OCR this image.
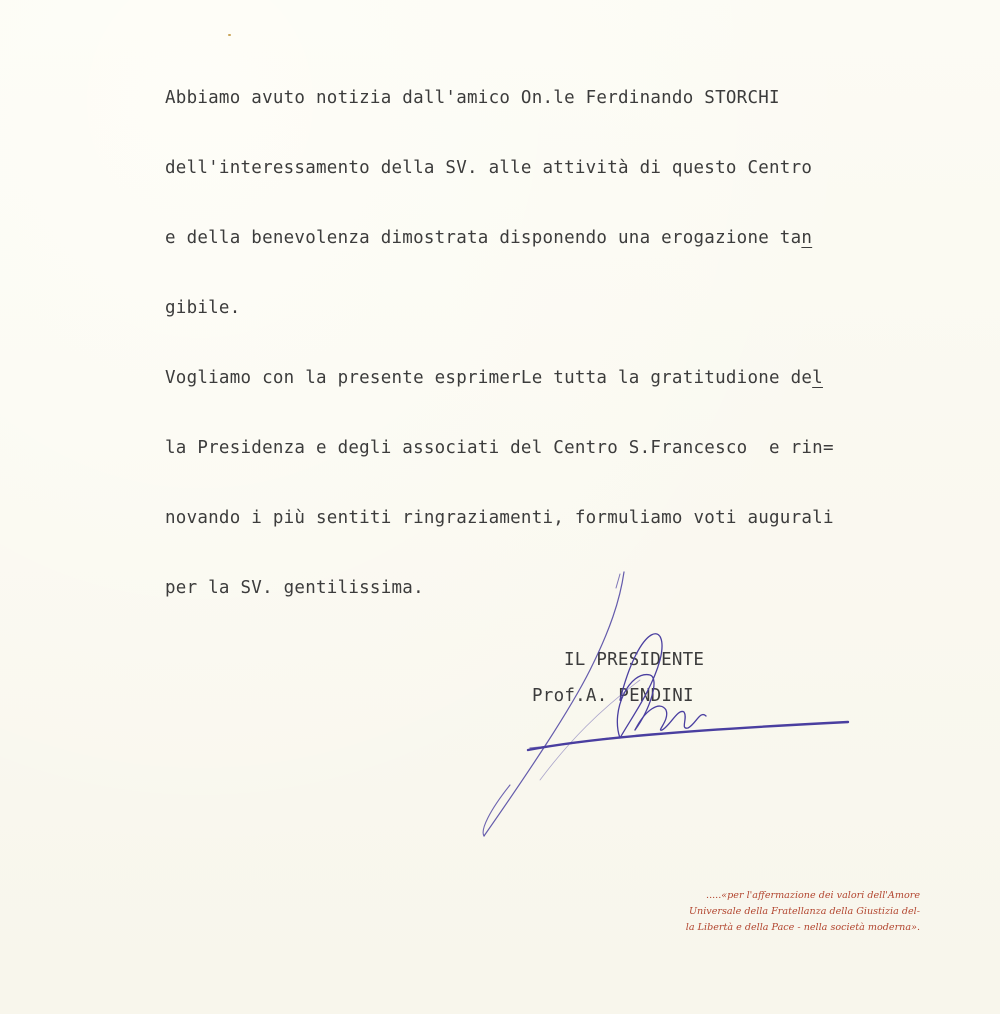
Abbiamo avuto notizia dall'amico On.le Ferdinando STORCHI
dell'interessamento della SV. alle attività di questo Centro
e della benevolenza dimostrata disponendo una erogazione tan
gibile.
Vogliamo con la presente esprimerLe tutta la gratitudione del
la Presidenza e degli associati del Centro S.Francesco  e rin=
novando i più sentiti ringraziamenti, formuliamo voti augurali
per la SV. gentilissima.
IL PRESIDENTE
Prof.A. PENDINI
.....«per l'affermazione dei valori dell'Amore
Universale della Fratellanza della Giustizia del-
la Libertà e della Pace - nella società moderna».
